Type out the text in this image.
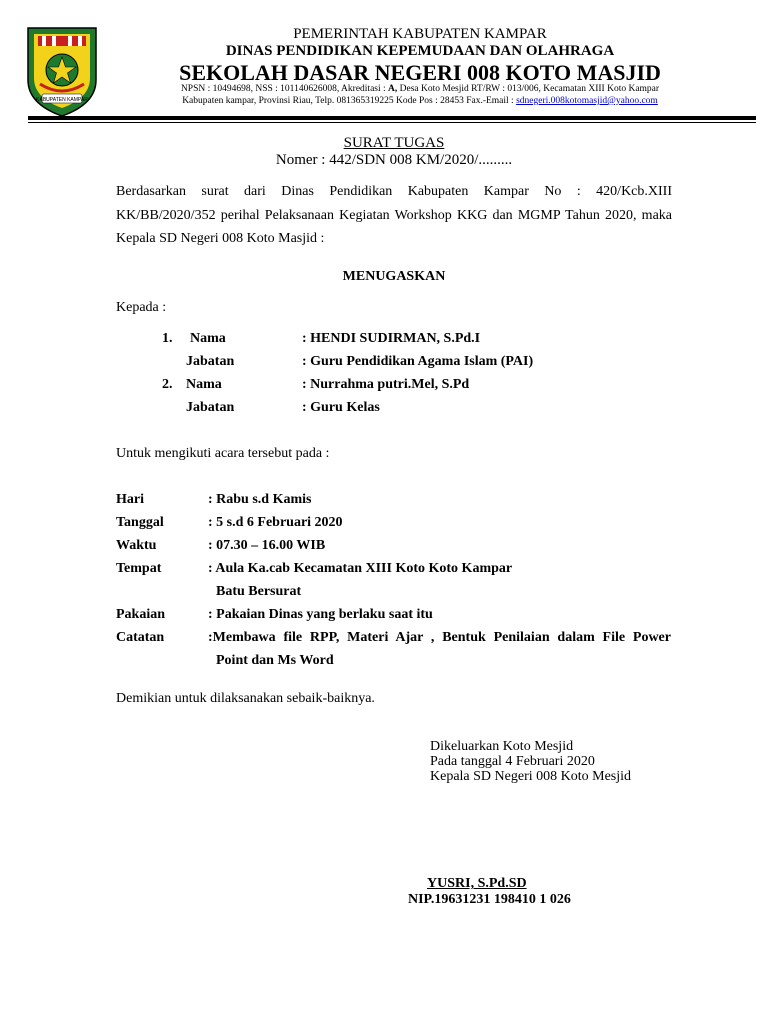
KABUPATEN KAMPAR
PEMERINTAH KABUPATEN KAMPAR
DINAS PENDIDIKAN KEPEMUDAAN DAN OLAHRAGA
SEKOLAH DASAR NEGERI 008 KOTO MASJID
NPSN : 10494698, NSS : 101140626008, Akreditasi : A, Desa Koto Mesjid RT/RW : 013/006, Kecamatan XIII Koto Kampar
Kabupaten kampar, Provinsi Riau, Telp. 081365319225 Kode Pos : 28453 Fax.-Email : sdnegeri.008kotomasjid@yahoo.com
SURAT TUGAS
Nomer : 442/SDN 008 KM/2020/.........
Berdasarkan surat dari Dinas Pendidikan Kabupaten Kampar No : 420/Kcb.XIII
KK/BB/2020/352 perihal Pelaksanaan Kegiatan Workshop KKG dan MGMP Tahun 2020, maka
Kepala SD Negeri 008 Koto Masjid :
MENUGASKAN
Kepada :
1. Nama	: HENDI SUDIRMAN, S.Pd.I
Jabatan	: Guru Pendidikan Agama Islam (PAI)
2. Nama	: Nurrahma putri.Mel, S.Pd
Jabatan	: Guru Kelas
Untuk mengikuti acara tersebut pada :
Hari	: Rabu s.d Kamis
Tanggal	: 5 s.d 6 Februari 2020
Waktu	: 07.30 – 16.00 WIB
Tempat	: Aula Ka.cab Kecamatan XIII Koto Koto Kampar
Batu Bersurat
Pakaian	: Pakaian Dinas yang berlaku saat itu
Catatan	:Membawa file RPP, Materi Ajar , Bentuk Penilaian dalam File Power
Point dan Ms Word
Demikian untuk dilaksanakan sebaik-baiknya.
Dikeluarkan Koto Mesjid
Pada tanggal 4 Februari 2020
Kepala SD Negeri 008 Koto Mesjid
YUSRI, S.Pd.SD
NIP.19631231 198410 1 026
